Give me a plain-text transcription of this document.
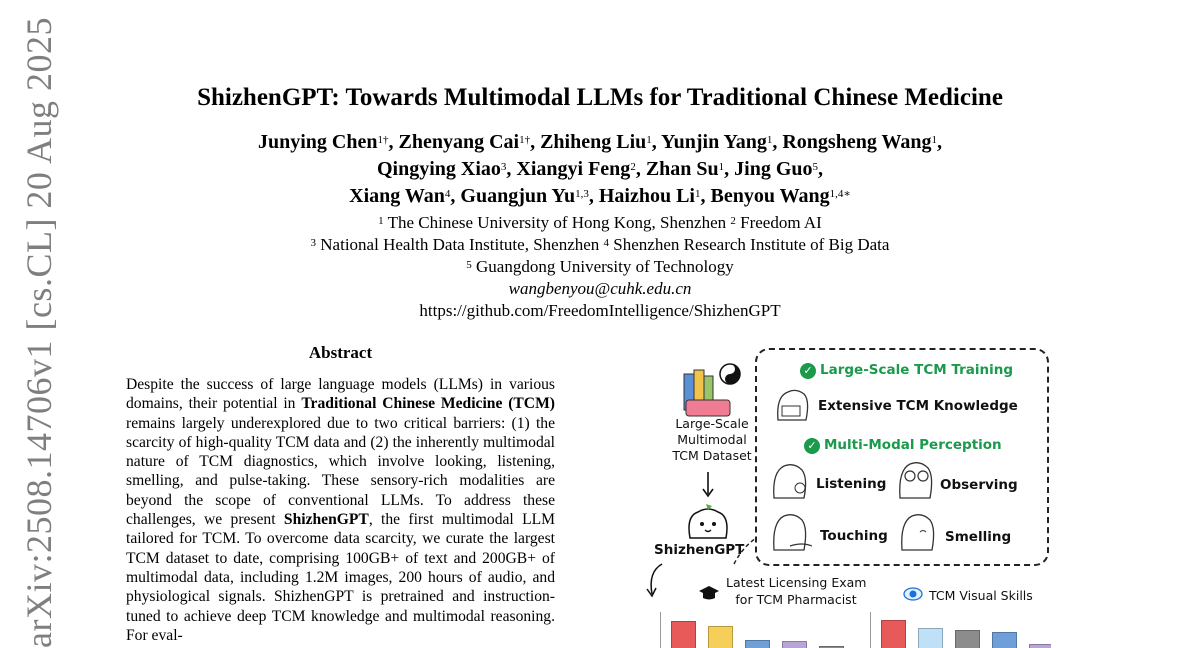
arXiv:2508.14706v1 [cs.CL] 20 Aug 2025	ShizhenGPT: Towards Multimodal LLMs for Traditional Chinese Medicine
Junying Chen$^{1\dagger}$, Zhenyang Cai$^{1\dagger}$, Zhiheng Liu$^1$, Yunjin Yang$^1$, Rongsheng Wang$^1$,
Qingying Xiao$^3$, Xiangyi Feng$^2$, Zhan Su$^1$, Jing Guo$^5$,
Xiang Wan$^4$, Guangjun Yu$^{1,3}$, Haizhou Li$^1$, Benyou Wang$^{1,4∗}$
$^1$ The Chinese University of Hong Kong, Shenzhen $^2$ Freedom AI
$^3$ National Health Data Institute, Shenzhen $^4$ Shenzhen Research Institute of Big Data
$^5$ Guangdong University of Technology
wangbenyou@cuhk.edu.cn
https://github.com/FreedomIntelligence/ShizhenGPT
Abstract

Despite the success of large language models (LLMs) in various domains, their potential in Traditional Chinese Medicine (TCM) remains largely underexplored due to two critical barriers: (1) the scarcity of high-quality TCM data and (2) the inherently multimodal nature of TCM diagnostics, which involve looking, listening, smelling, and pulse-taking. These sensory-rich modalities are beyond the scope of conventional LLMs. To address these challenges, we present ShizhenGPT, the first multimodal LLM tailored for TCM. To overcome data scarcity, we curate the largest TCM dataset to date, comprising 100GB+ of text and 200GB+ of multimodal data, including 1.2M images, 200 hours of audio, and physiological signals. ShizhenGPT is pretrained and instruction-tuned to achieve deep TCM knowledge and multimodal reasoning. For eval-

Large-Scale
Multimodal
TCM Dataset
ShizhenGPT
✓ Large-Scale TCM Training
Extensive TCM Knowledge
✓ Multi-Modal Perception
Listening	Observing
Touching	Smelling
Latest Licensing Exam
for TCM Pharmacist	TCM Visual Skills
